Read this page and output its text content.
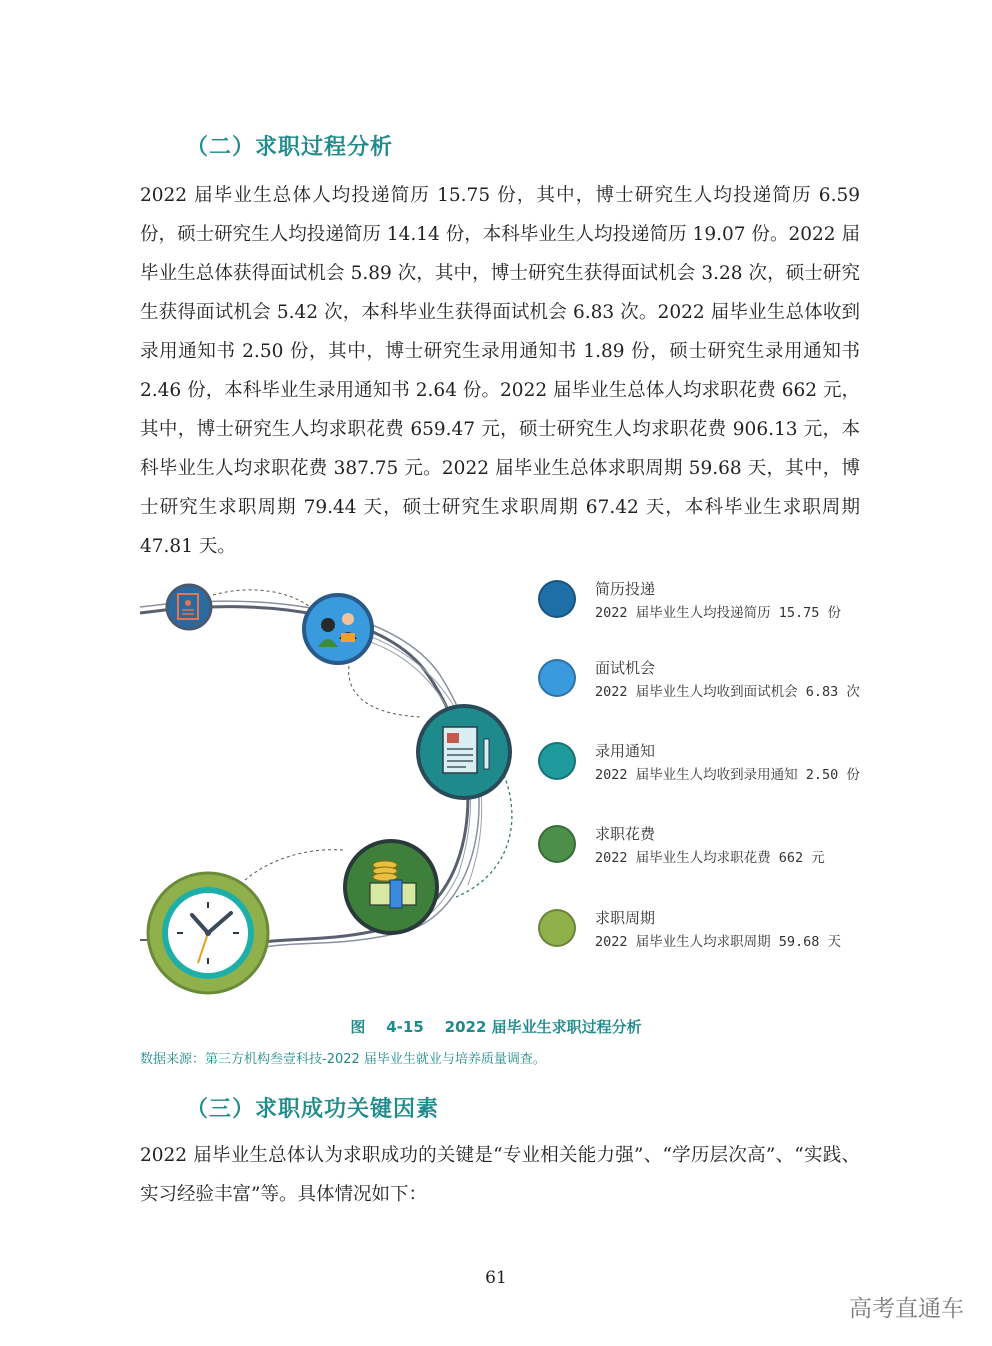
（二）求职过程分析

2022 届毕业生总体人均投递简历 15.75 份，其中，博士研究生人均投递简历 6.59 份，硕士研究生人均投递简历 14.14 份，本科毕业生人均投递简历 19.07 份。2022 届毕业生总体获得面试机会 5.89 次，其中，博士研究生获得面试机会 3.28 次，硕士研究生获得面试机会 5.42 次，本科毕业生获得面试机会 6.83 次。2022 届毕业生总体收到录用通知书 2.50 份，其中，博士研究生录用通知书 1.89 份，硕士研究生录用通知书 2.46 份，本科毕业生录用通知书 2.64 份。2022 届毕业生总体人均求职花费 662 元，其中，博士研究生人均求职花费 659.47 元，硕士研究生人均求职花费 906.13 元，本科毕业生人均求职花费 387.75 元。2022 届毕业生总体求职周期 59.68 天，其中，博士研究生求职周期 79.44 天，硕士研究生求职周期 67.42 天，本科毕业生求职周期 47.81 天。

简历投递
2022 届毕业生人均投递简历 15.75 份
面试机会
2022 届毕业生人均收到面试机会 6.83 次
录用通知
2022 届毕业生人均收到录用通知 2.50 份
求职花费
2022 届毕业生人均求职花费 662 元
求职周期
2022 届毕业生人均求职周期 59.68 天
图    4-15    2022 届毕业生求职过程分析
数据来源：第三方机构叁壹科技-2022 届毕业生就业与培养质量调查。
（三）求职成功关键因素

2022 届毕业生总体认为求职成功的关键是“专业相关能力强”、“学历层次高”、“实践、实习经验丰富”等。具体情况如下：

61
高考直通车
